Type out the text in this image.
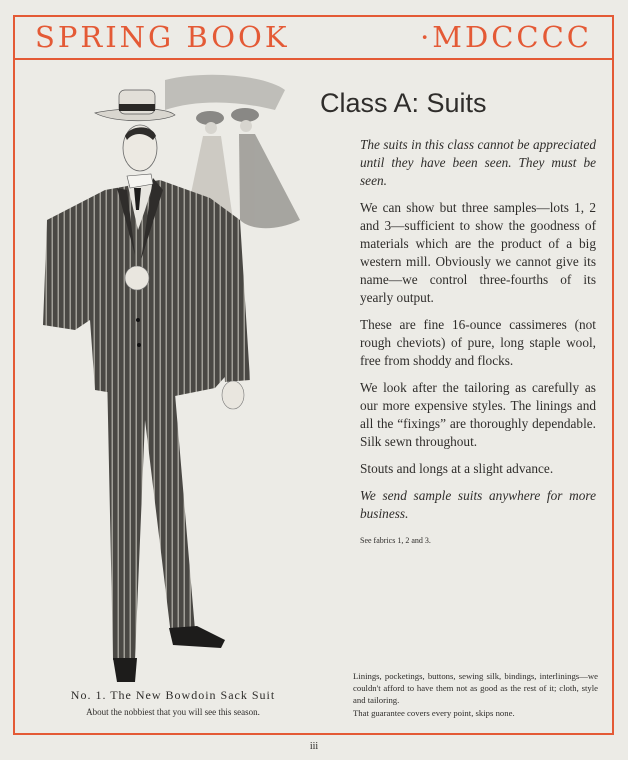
SPRING BOOK	·MDCCCC
Class A: Suits

The suits in this class cannot be appreciated until they have been seen. They must be seen.

We can show but three samples—lots 1, 2 and 3—sufficient to show the goodness of materials which are the product of a big western mill. Obviously we cannot give its name—we control three-fourths of its yearly output.

These are fine 16-ounce cassimeres (not rough cheviots) of pure, long staple wool, free from shoddy and flocks.

We look after the tailoring as carefully as our more expensive styles. The linings and all the “fixings” are thoroughly dependable. Silk sewn throughout.

Stouts and longs at a slight advance.

We send sample suits anywhere for more business.

See fabrics 1, 2 and 3.

No. 1. The New Bowdoin Sack Suit
About the nobbiest that you will see this season.

Linings, pocketings, buttons, sewing silk, bindings, interlinings—we couldn't afford to have them not as good as the rest of it; cloth, style and tailoring.

That guarantee covers every point, skips none.

iii
